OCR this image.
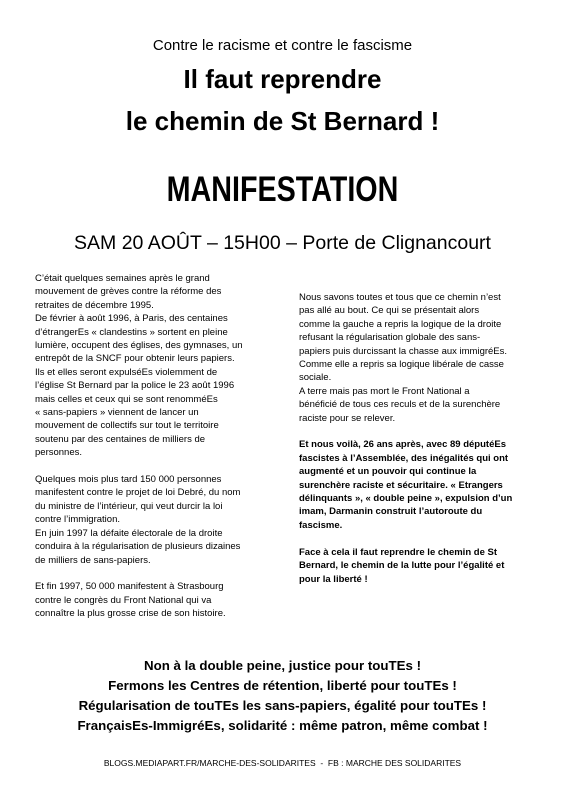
Contre le racisme et contre le fascisme
Il faut reprendre
le chemin de St Bernard !
MANIFESTATION
SAM 20 AOÛT – 15H00 – Porte de Clignancourt

C’était quelques semaines après le grand

mouvement de grèves contre la réforme des

retraites de décembre 1995.

De février à août 1996, à Paris, des centaines

d’étrangerEs « clandestins » sortent en pleine

lumière, occupent des églises, des gymnases, un

entrepôt de la SNCF pour obtenir leurs papiers.

Ils et elles seront expulséEs violemment de

l’église St Bernard par la police le 23 août 1996

mais celles et ceux qui se sont renomméEs

« sans-papiers » viennent de lancer un

mouvement de collectifs sur tout le territoire

soutenu par des centaines de milliers de

personnes.

Quelques mois plus tard 150 000 personnes

manifestent contre le projet de loi Debré, du nom

du ministre de l’intérieur, qui veut durcir la loi

contre l’immigration.

En juin 1997 la défaite électorale de la droite

conduira à la régularisation de plusieurs dizaines

de milliers de sans-papiers.

Et fin 1997, 50 000 manifestent à Strasbourg

contre le congrès du Front National qui va

connaître la plus grosse crise de son histoire.

Nous savons toutes et tous que ce chemin n’est

pas allé au bout. Ce qui se présentait alors

comme la gauche a repris la logique de la droite

refusant la régularisation globale des sans-

papiers puis durcissant la chasse aux immigréEs.

Comme elle a repris sa logique libérale de casse

sociale.

A terre mais pas mort le Front National a

bénéficié de tous ces reculs et de la surenchère

raciste pour se relever.

Et nous voilà, 26 ans après, avec 89 députéEs

fascistes à l’Assemblée, des inégalités qui ont

augmenté et un pouvoir qui continue la

surenchère raciste et sécuritaire. « Etrangers

délinquants », « double peine », expulsion d’un

imam, Darmanin construit l’autoroute du

fascisme.

Face à cela il faut reprendre le chemin de St

Bernard, le chemin de la lutte pour l’égalité et

pour la liberté !

Non à la double peine, justice pour touTEs !
Fermons les Centres de rétention, liberté pour touTEs !
Régularisation de touTEs les sans-papiers, égalité pour touTEs !
FrançaisEs-ImmigréEs, solidarité : même patron, même combat !
BLOGS.MEDIAPART.FR/MARCHE-DES-SOLIDARITES  -  FB : MARCHE DES SOLIDARITES
